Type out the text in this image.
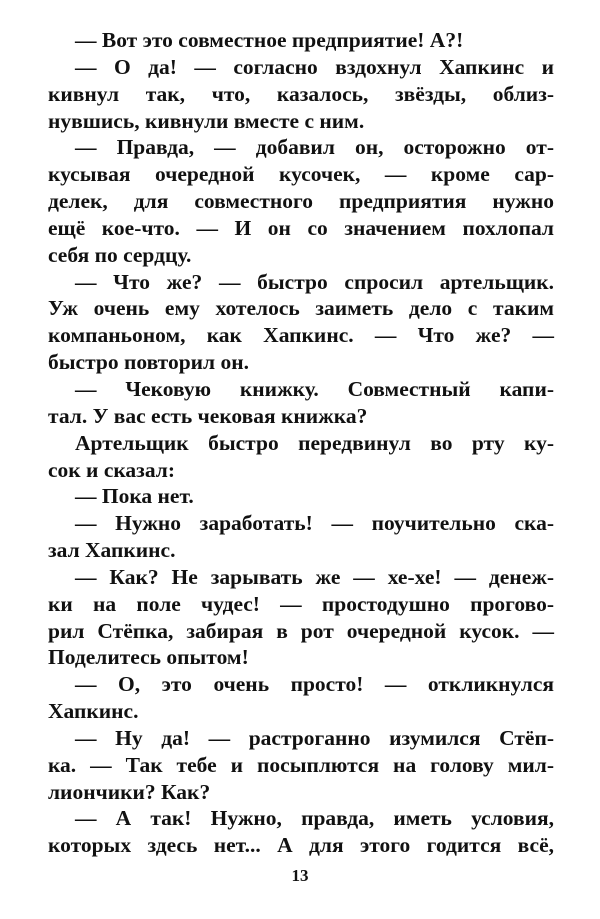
— Вот это совместное предприятие! А?!
— О да! — согласно вздохнул Хапкинс и
кивнул так, что, казалось, звёзды, облиз-
нувшись, кивнули вместе с ним.
— Правда, — добавил он, осторожно от-
кусывая очередной кусочек, — кроме сар-
делек, для совместного предприятия нужно
ещё кое-что. — И он со значением похлопал
себя по сердцу.
— Что же? — быстро спросил артельщик.
Уж очень ему хотелось заиметь дело с таким
компаньоном, как Хапкинс. — Что же? —
быстро повторил он.
— Чековую книжку. Совместный капи-
тал. У вас есть чековая книжка?
Артельщик быстро передвинул во рту ку-
сок и сказал:
— Пока нет.
— Нужно заработать! — поучительно ска-
зал Хапкинс.
— Как? Не зарывать же — хе-хе! — денеж-
ки на поле чудес! — простодушно прогово-
рил Стёпка, забирая в рот очередной кусок. —
Поделитесь опытом!
— О, это очень просто! — откликнулся
Хапкинс.
— Ну да! — растроганно изумился Стёп-
ка. — Так тебе и посыплются на голову мил-
лиончики? Как?
— А так! Нужно, правда, иметь условия,
которых здесь нет... А для этого годится всё,
13
